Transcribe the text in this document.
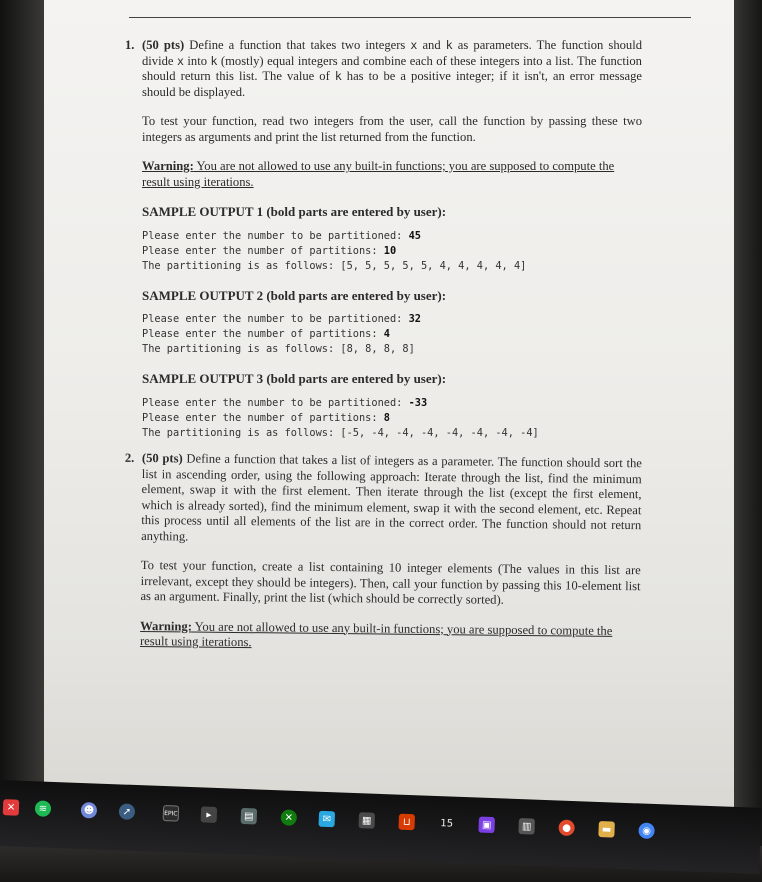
1. (50 pts) Define a function that takes two integers x and k as parameters. The function should divide x into k (mostly) equal integers and combine each of these integers into a list. The function should return this list. The value of k has to be a positive integer; if it isn't, an error message should be displayed.

To test your function, read two integers from the user, call the function by passing these two integers as arguments and print the list returned from the function.

Warning: You are not allowed to use any built-in functions; you are supposed to compute the result using iterations.

SAMPLE OUTPUT 1 (bold parts are entered by user):

Please enter the number to be partitioned: 45
Please enter the number of partitions: 10
The partitioning is as follows: [5, 5, 5, 5, 5, 4, 4, 4, 4, 4]

SAMPLE OUTPUT 2 (bold parts are entered by user):

Please enter the number to be partitioned: 32
Please enter the number of partitions: 4
The partitioning is as follows: [8, 8, 8, 8]

SAMPLE OUTPUT 3 (bold parts are entered by user):

Please enter the number to be partitioned: -33
Please enter the number of partitions: 8
The partitioning is as follows: [-5, -4, -4, -4, -4, -4, -4, -4]
2. (50 pts) Define a function that takes a list of integers as a parameter. The function should sort the list in ascending order, using the following approach: Iterate through the list, find the minimum element, swap it with the first element. Then iterate through the list (except the first element, which is already sorted), find the minimum element, swap it with the second element, etc. Repeat this process until all elements of the list are in the correct order. The function should not return anything.

To test your function, create a list containing 10 integer elements (The values in this list are irrelevant, except they should be integers). Then, call your function by passing this 10-element list as an argument. Finally, print the list (which should be correctly sorted).

Warning: You are not allowed to use any built-in functions; you are supposed to compute the result using iterations.

✕	≋	☻	➚	EPIC	▸	▤	✕	✉	▦	⊔	15	▣	▥	●	▬	◉
